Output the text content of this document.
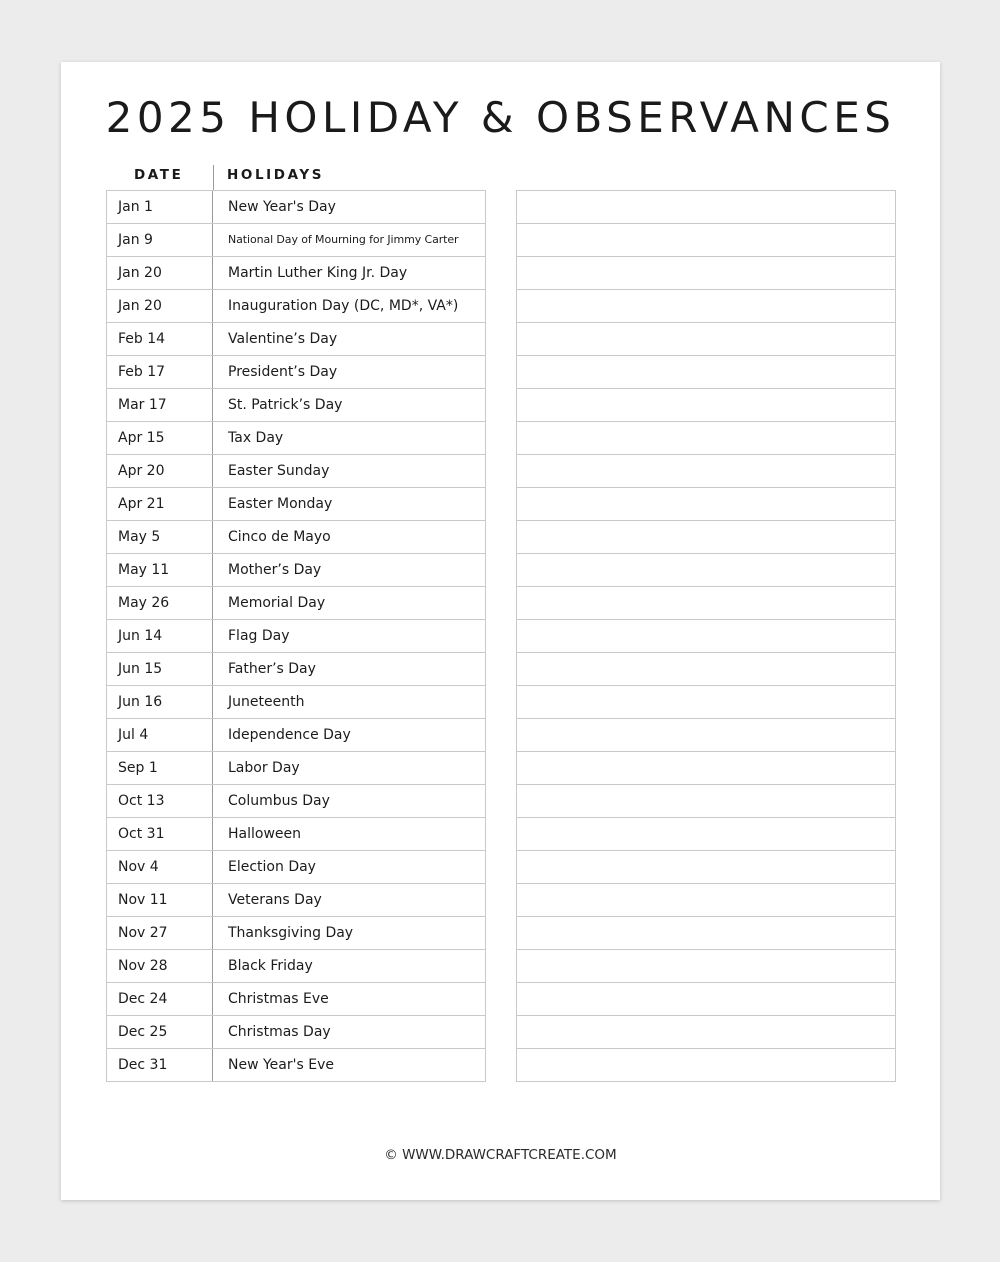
2025 HOLIDAY & OBSERVANCES
DATE	HOLIDAYS
Jan 1	New Year's Day
Jan 9	National Day of Mourning for Jimmy Carter
Jan 20	Martin Luther King Jr. Day
Jan 20	Inauguration Day (DC, MD*, VA*)
Feb 14	Valentine’s Day
Feb 17	President’s Day
Mar 17	St. Patrick’s Day
Apr 15	Tax Day
Apr 20	Easter Sunday
Apr 21	Easter Monday
May 5	Cinco de Mayo
May 11	Mother’s Day
May 26	Memorial Day
Jun 14	Flag Day
Jun 15	Father’s Day
Jun 16	Juneteenth
Jul 4	Idependence Day
Sep 1	Labor Day
Oct 13	Columbus Day
Oct 31	Halloween
Nov 4	Election Day
Nov 11	Veterans Day
Nov 27	Thanksgiving Day
Nov 28	Black Friday
Dec 24	Christmas Eve
Dec 25	Christmas Day
Dec 31	New Year's Eve
© WWW.DRAWCRAFTCREATE.COM
